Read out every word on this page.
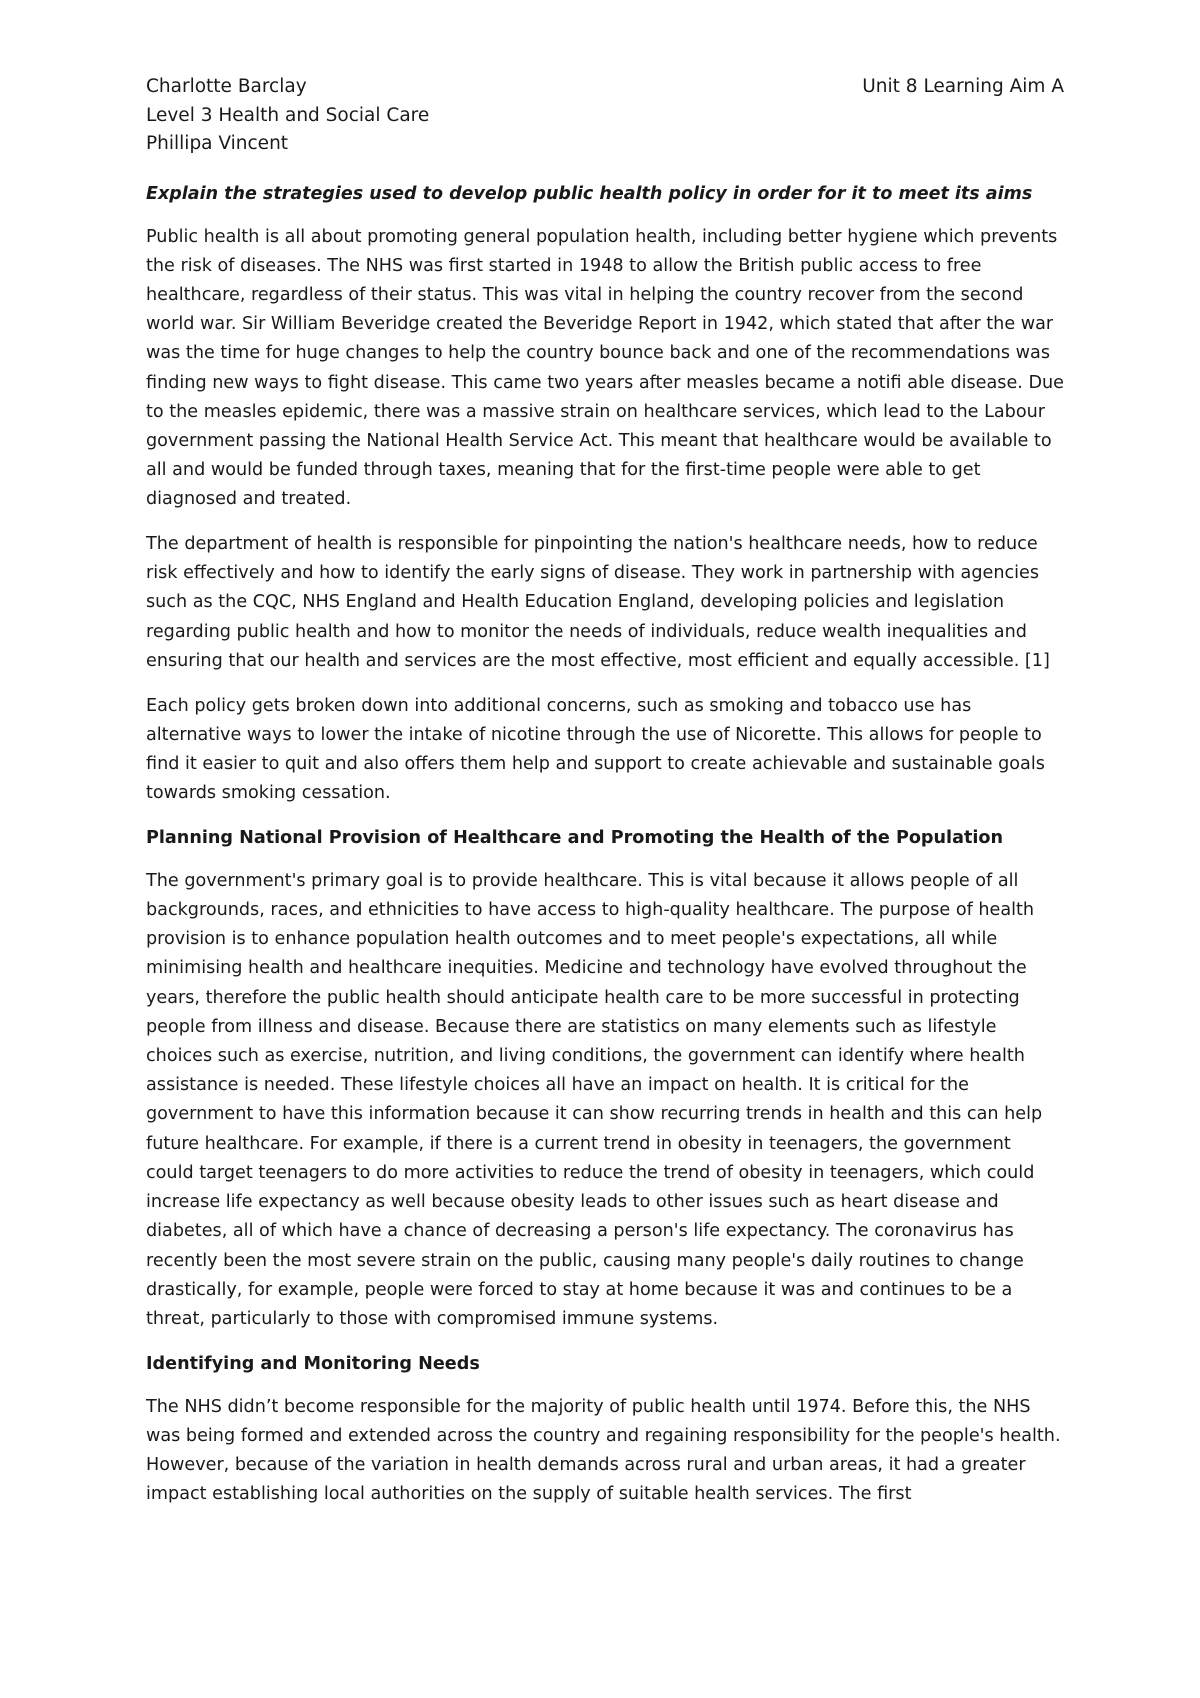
Charlotte Barclay
Level 3 Health and Social Care
Phillipa Vincent
Unit 8 Learning Aim A
Explain the strategies used to develop public health policy in order for it to meet its aims

Public health is all about promoting general population health, including better hygiene which prevents the risk of diseases. The NHS was first started in 1948 to allow the British public access to free healthcare, regardless of their status. This was vital in helping the country recover from the second world war. Sir William Beveridge created the Beveridge Report in 1942, which stated that after the war was the time for huge changes to help the country bounce back and one of the recommendations was finding new ways to fight disease. This came two years after measles became a notifi able disease. Due to the measles epidemic, there was a massive strain on healthcare services, which lead to the Labour government passing the National Health Service Act. This meant that healthcare would be available to all and would be funded through taxes, meaning that for the first-time people were able to get diagnosed and treated.

The department of health is responsible for pinpointing the nation's healthcare needs, how to reduce risk effectively and how to identify the early signs of disease. They work in partnership with agencies such as the CQC, NHS England and Health Education England, developing policies and legislation regarding public health and how to monitor the needs of individuals, reduce wealth inequalities and ensuring that our health and services are the most effective, most efficient and equally accessible. [1]

Each policy gets broken down into additional concerns, such as smoking and tobacco use has alternative ways to lower the intake of nicotine through the use of Nicorette. This allows for people to find it easier to quit and also offers them help and support to create achievable and sustainable goals towards smoking cessation.

Planning National Provision of Healthcare and Promoting the Health of the Population

The government's primary goal is to provide healthcare. This is vital because it allows people of all backgrounds, races, and ethnicities to have access to high-quality healthcare. The purpose of health provision is to enhance population health outcomes and to meet people's expectations, all while minimising health and healthcare inequities. Medicine and technology have evolved throughout the years, therefore the public health should anticipate health care to be more successful in protecting people from illness and disease. Because there are statistics on many elements such as lifestyle choices such as exercise, nutrition, and living conditions, the government can identify where health assistance is needed. These lifestyle choices all have an impact on health. It is critical for the government to have this information because it can show recurring trends in health and this can help future healthcare. For example, if there is a current trend in obesity in teenagers, the government could target teenagers to do more activities to reduce the trend of obesity in teenagers, which could increase life expectancy as well because obesity leads to other issues such as heart disease and diabetes, all of which have a chance of decreasing a person's life expectancy. The coronavirus has recently been the most severe strain on the public, causing many people's daily routines to change drastically, for example, people were forced to stay at home because it was and continues to be a threat, particularly to those with compromised immune systems.

Identifying and Monitoring Needs

The NHS didn’t become responsible for the majority of public health until 1974. Before this, the NHS was being formed and extended across the country and regaining responsibility for the people's health. However, because of the variation in health demands across rural and urban areas, it had a greater impact establishing local authorities on the supply of suitable health services. The first
